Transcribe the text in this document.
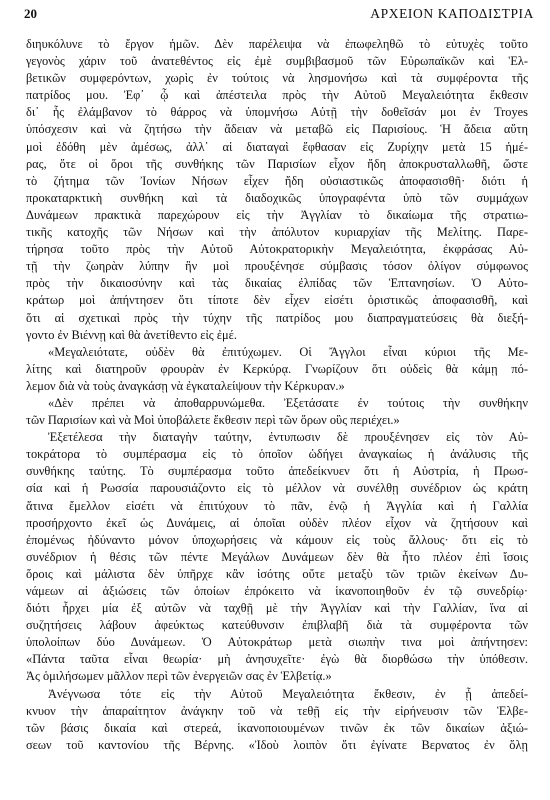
20	ΑΡΧΕΙΟΝ ΚΑΠΟΔΙΣΤΡΙΑ
διηυκόλυνε τὸ ἔργον ἡμῶν. Δὲν παρέλειψα νὰ ἐπωφεληθῶ τὸ εὐτυχὲς τοῦτο
γεγονὸς χάριν τοῦ ἀνατεθέντος εἰς ἐμὲ συμβιβασμοῦ τῶν Εὐρωπαϊκῶν καὶ Ἑλ-
βετικῶν συμφερόντων, χωρὶς ἐν τούτοις νὰ λησμονήσω καὶ τὰ συμφέροντα τῆς
πατρίδος μου. Ἐφ᾽ ᾧ καὶ ἀπέστειλα πρὸς τὴν Αὐτοῦ Μεγαλειότητα ἔκθεσιν
δι᾽ ἧς ἐλάμβανον τὸ θάρρος νὰ ὑπομνήσω Αὐτῇ τὴν δοθεῖσάν μοι ἐν Troyes
ὑπόσχεσιν καὶ νὰ ζητήσω τὴν ἄδειαν νὰ μεταβῶ εἰς Παρισίους. Ἡ ἄδεια αὕτη
μοὶ ἐδόθη μὲν ἀμέσως, ἀλλ᾽ αἱ διαταγαὶ ἔφθασαν εἰς Ζυρίχην μετὰ 15 ἡμέ-
ρας, ὅτε οἱ ὅροι τῆς συνθήκης τῶν Παρισίων εἶχον ἤδη ἀποκρυσταλλωθῆ, ὥστε
τὸ ζήτημα τῶν Ἰονίων Νήσων εἶχεν ἤδη οὐσιαστικῶς ἀποφασισθῆ· διότι ἡ
προκαταρκτικὴ συνθήκη καὶ τὰ διαδοχικῶς ὑπογραφέντα ὑπὸ τῶν συμμάχων
Δυνάμεων πρακτικὰ παρεχώρουν εἰς τὴν Ἀγγλίαν τὸ δικαίωμα τῆς στρατιω-
τικῆς κατοχῆς τῶν Νήσων καὶ τὴν ἀπόλυτον κυριαρχίαν τῆς Μελίτης. Παρε-
τήρησα τοῦτο πρὸς τὴν Αὐτοῦ Αὐτοκρατορικὴν Μεγαλειότητα, ἐκφράσας Αὐ-
τῇ τὴν ζωηρὰν λύπην ἣν μοὶ προυξένησε σύμβασις τόσον ὀλίγον σύμφωνος
πρὸς τὴν δικαιοσύνην καὶ τὰς δικαίας ἐλπίδας τῶν Ἑπτανησίων. Ὁ Αὐτο-
κράτωρ μοὶ ἀπήντησεν ὅτι τίποτε δὲν εἶχεν εἰσέτι ὁριστικῶς ἀποφασισθῆ, καὶ
ὅτι αἱ σχετικαὶ πρὸς τὴν τύχην τῆς πατρίδος μου διαπραγματεύσεις θὰ διεξή-
γοντο ἐν Βιέννῃ καὶ θὰ ἀνετίθεντο εἰς ἐμέ.
«Μεγαλειότατε, οὐδὲν θὰ ἐπιτύχωμεν. Οἱ Ἄγγλοι εἶναι κύριοι τῆς Με-
λίτης καὶ διατηροῦν φρουρὰν ἐν Κερκύρᾳ. Γνωρίζουν ὅτι οὐδεὶς θὰ κάμῃ πό-
λεμον διὰ νὰ τοὺς ἀναγκάσῃ νὰ ἐγκαταλείψουν τὴν Κέρκυραν.»
«Δὲν πρέπει νὰ ἀποθαρρυνώμεθα. Ἐξετάσατε ἐν τούτοις τὴν συνθήκην
τῶν Παρισίων καὶ νὰ Μοὶ ὑποβάλετε ἔκθεσιν περὶ τῶν ὅρων οὓς περιέχει.»
Ἐξετέλεσα τὴν διαταγὴν ταύτην, ἐντυπωσιν δὲ προυξένησεν εἰς τὸν Αὐ-
τοκράτορα τὸ συμπέρασμα εἰς τὸ ὁποῖον ὡδήγει ἀναγκαίως ἡ ἀνάλυσις τῆς
συνθήκης ταύτης. Τὸ συμπέρασμα τοῦτο ἀπεδείκνυεν ὅτι ἡ Αὐστρία, ἡ Πρωσ-
σία καὶ ἡ Ρωσσία παρουσιάζοντο εἰς τὸ μέλλον νὰ συνέλθῃ συνέδριον ὡς κράτη
ἅτινα ἔμελλον εἰσέτι νὰ ἐπιτύχουν τὸ πᾶν, ἐνῷ ἡ Ἀγγλία καὶ ἡ Γαλλία
προσήρχοντο ἐκεῖ ὡς Δυνάμεις, αἱ ὁποῖαι οὐδὲν πλέον εἶχον νὰ ζητήσουν καὶ
ἐπομένως ἠδύναντο μόνον ὑποχωρήσεις νὰ κάμουν εἰς τοὺς ἄλλους· ὅτι εἰς τὸ
συνέδριον ἡ θέσις τῶν πέντε Μεγάλων Δυνάμεων δὲν θὰ ἦτο πλέον ἐπὶ ἴσοις
ὅροις καὶ μάλιστα δὲν ὑπῆρχε κἂν ἰσότης οὔτε μεταξὺ τῶν τριῶν ἐκείνων Δυ-
νάμεων αἱ ἀξιώσεις τῶν ὁποίων ἐπρόκειτο νὰ ἱκανοποιηθοῦν ἐν τῷ συνεδρίῳ·
διότι ἦρχει μία ἐξ αὐτῶν νὰ ταχθῇ μὲ τὴν Ἀγγλίαν καὶ τὴν Γαλλίαν, ἵνα αἱ
συζητήσεις λάβουν ἀφεύκτως κατεύθυνσιν ἐπιβλαβῆ διὰ τὰ συμφέροντα τῶν
ὑπολοίπων δύο Δυνάμεων. Ὁ Αὐτοκράτωρ μετὰ σιωπὴν τινα μοὶ ἀπήντησεν:
«Πάντα ταῦτα εἶναι θεωρία· μὴ ἀνησυχεῖτε· ἐγὼ θὰ διορθώσω τὴν ὑπόθεσιν.
Ἀς ὁμιλήσωμεν μᾶλλον περὶ τῶν ἐνεργειῶν σας ἐν Ἑλβετίᾳ.»
Ἀνέγνωσα τότε εἰς τὴν Αὐτοῦ Μεγαλειότητα ἔκθεσιν, ἐν ᾗ ἀπεδεί-
κνυον τὴν ἀπαραίτητον ἀνάγκην τοῦ νὰ τεθῇ εἰς τὴν εἰρήνευσιν τῶν Ἑλβε-
τῶν βάσις δικαία καὶ στερεά, ἱκανοποιουμένων τινῶν ἐκ τῶν δικαίων ἀξιώ-
σεων τοῦ καντονίου τῆς Βέρνης. «Ἰδοὺ λοιπὸν ὅτι ἐγίνατε Βερνατος ἐν ὅλῃ
